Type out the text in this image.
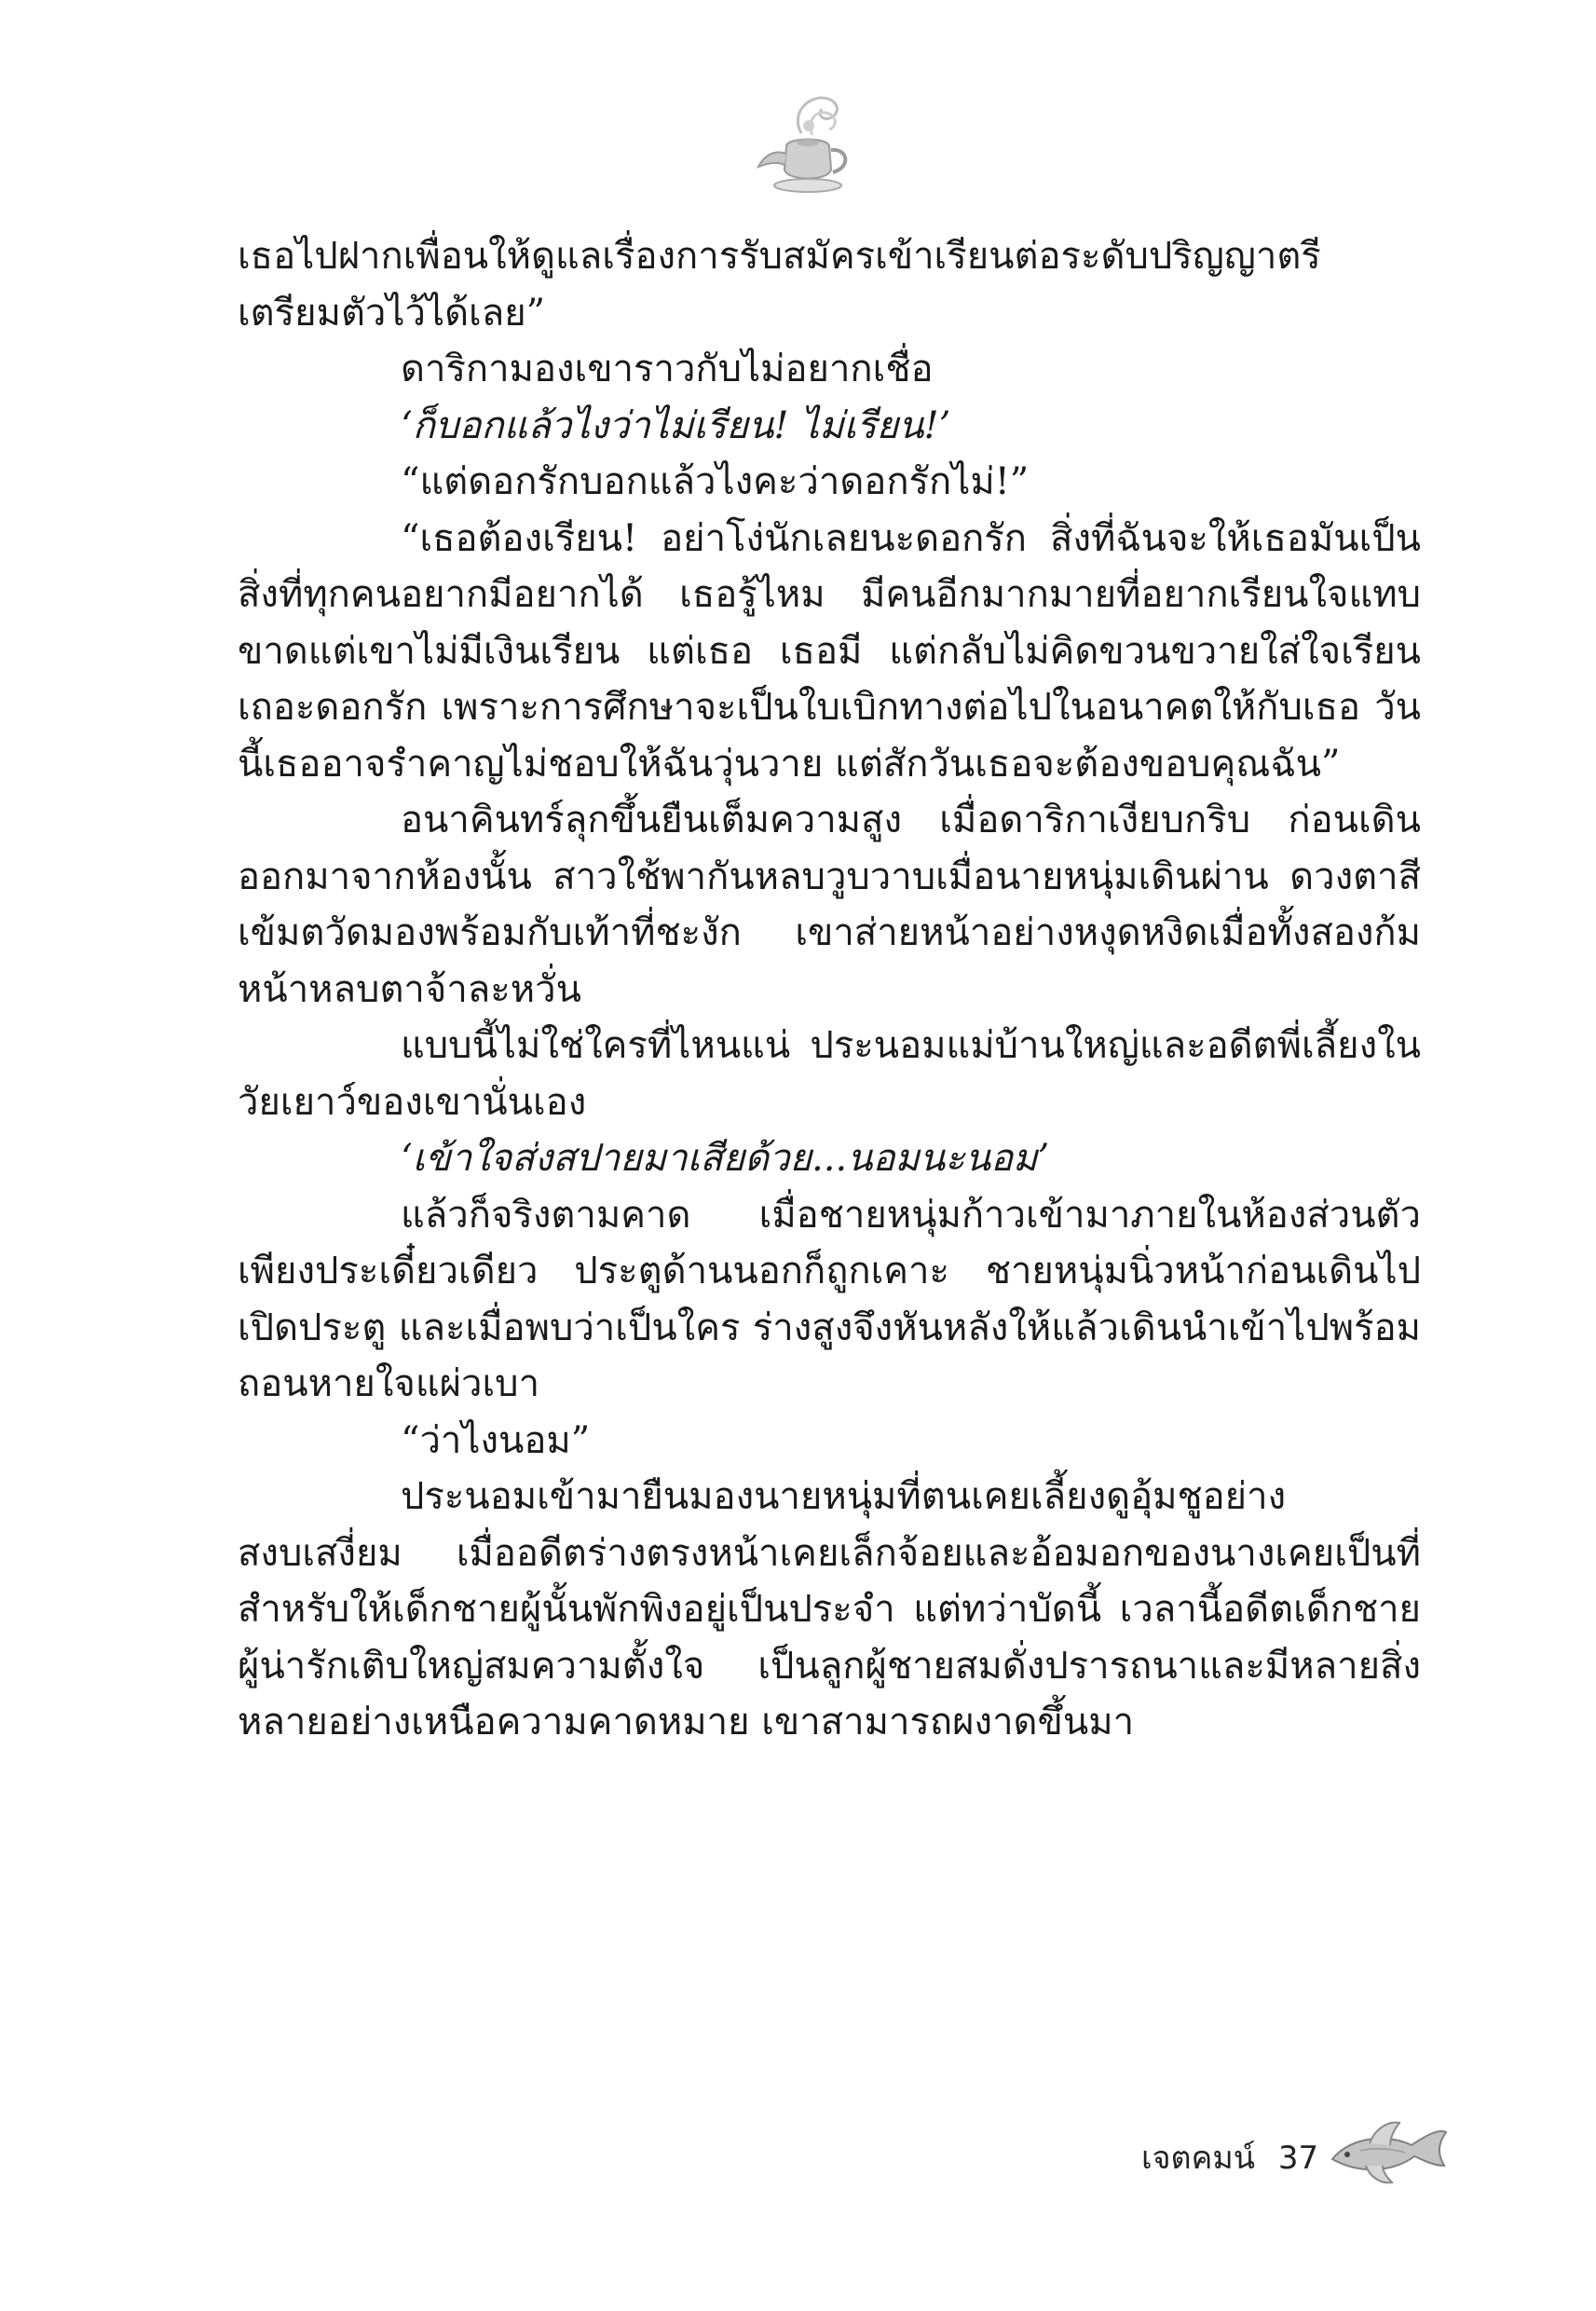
เธอไปฝากเพื่อนให้ดูแลเรื่องการรับสมัครเข้าเรียนต่อระดับปริญญาตรี เตรียมตัวไว้ได้เลย”

ดาริกามองเขาราวกับไม่อยากเชื่อ

‘ก็บอกแล้วไงว่าไม่เรียน! ไม่เรียน!’

“แต่ดอกรักบอกแล้วไงคะว่าดอกรักไม่!”

“เธอต้องเรียน! อย่าโง่นักเลยนะดอกรัก สิ่งที่ฉันจะให้เธอมันเป็นสิ่งที่ทุกคนอยากมีอยากได้ เธอรู้ไหม มีคนอีกมากมายที่อยากเรียนใจแทบขาดแต่เขาไม่มีเงินเรียน แต่เธอ เธอมี แต่กลับไม่คิดขวนขวายใส่ใจเรียนเถอะดอกรัก เพราะการศึกษาจะเป็นใบเบิกทางต่อไปในอนาคตให้กับเธอ วันนี้เธออาจรำคาญไม่ชอบให้ฉันวุ่นวาย แต่สักวันเธอจะต้องขอบคุณฉัน”

อนาคินทร์ลุกขึ้นยืนเต็มความสูง เมื่อดาริกาเงียบกริบ ก่อนเดินออกมาจากห้องนั้น สาวใช้พากันหลบวูบวาบเมื่อนายหนุ่มเดินผ่าน ดวงตาสีเข้มตวัดมองพร้อมกับเท้าที่ชะงัก เขาส่ายหน้าอย่างหงุดหงิดเมื่อทั้งสองก้มหน้าหลบตาจ้าละหวั่น

แบบนี้ไม่ใช่ใครที่ไหนแน่ ประนอมแม่บ้านใหญ่และอดีตพี่เลี้ยงในวัยเยาว์ของเขานั่นเอง

‘เข้าใจส่งสปายมาเสียด้วย...นอมนะนอม’

แล้วก็จริงตามคาด เมื่อชายหนุ่มก้าวเข้ามาภายในห้องส่วนตัวเพียงประเดี๋ยวเดียว ประตูด้านนอกก็ถูกเคาะ ชายหนุ่มนิ่วหน้าก่อนเดินไปเปิดประตู และเมื่อพบว่าเป็นใคร ร่างสูงจึงหันหลังให้แล้วเดินนำเข้าไปพร้อมถอนหายใจแผ่วเบา

“ว่าไงนอม”

ประนอมเข้ามายืนมองนายหนุ่มที่ตนเคยเลี้ยงดูอุ้มชูอย่างสงบเสงี่ยม เมื่ออดีตร่างตรงหน้าเคยเล็กจ้อยและอ้อมอกของนางเคยเป็นที่สำหรับให้เด็กชายผู้นั้นพักพิงอยู่เป็นประจำ แต่ทว่าบัดนี้ เวลานี้อดีตเด็กชายผู้น่ารักเติบใหญ่สมความตั้งใจ เป็นลูกผู้ชายสมดั่งปรารถนาและมีหลายสิ่งหลายอย่างเหนือความคาดหมาย เขาสามารถผงาดขึ้นมา

เจตคมน์ 37
